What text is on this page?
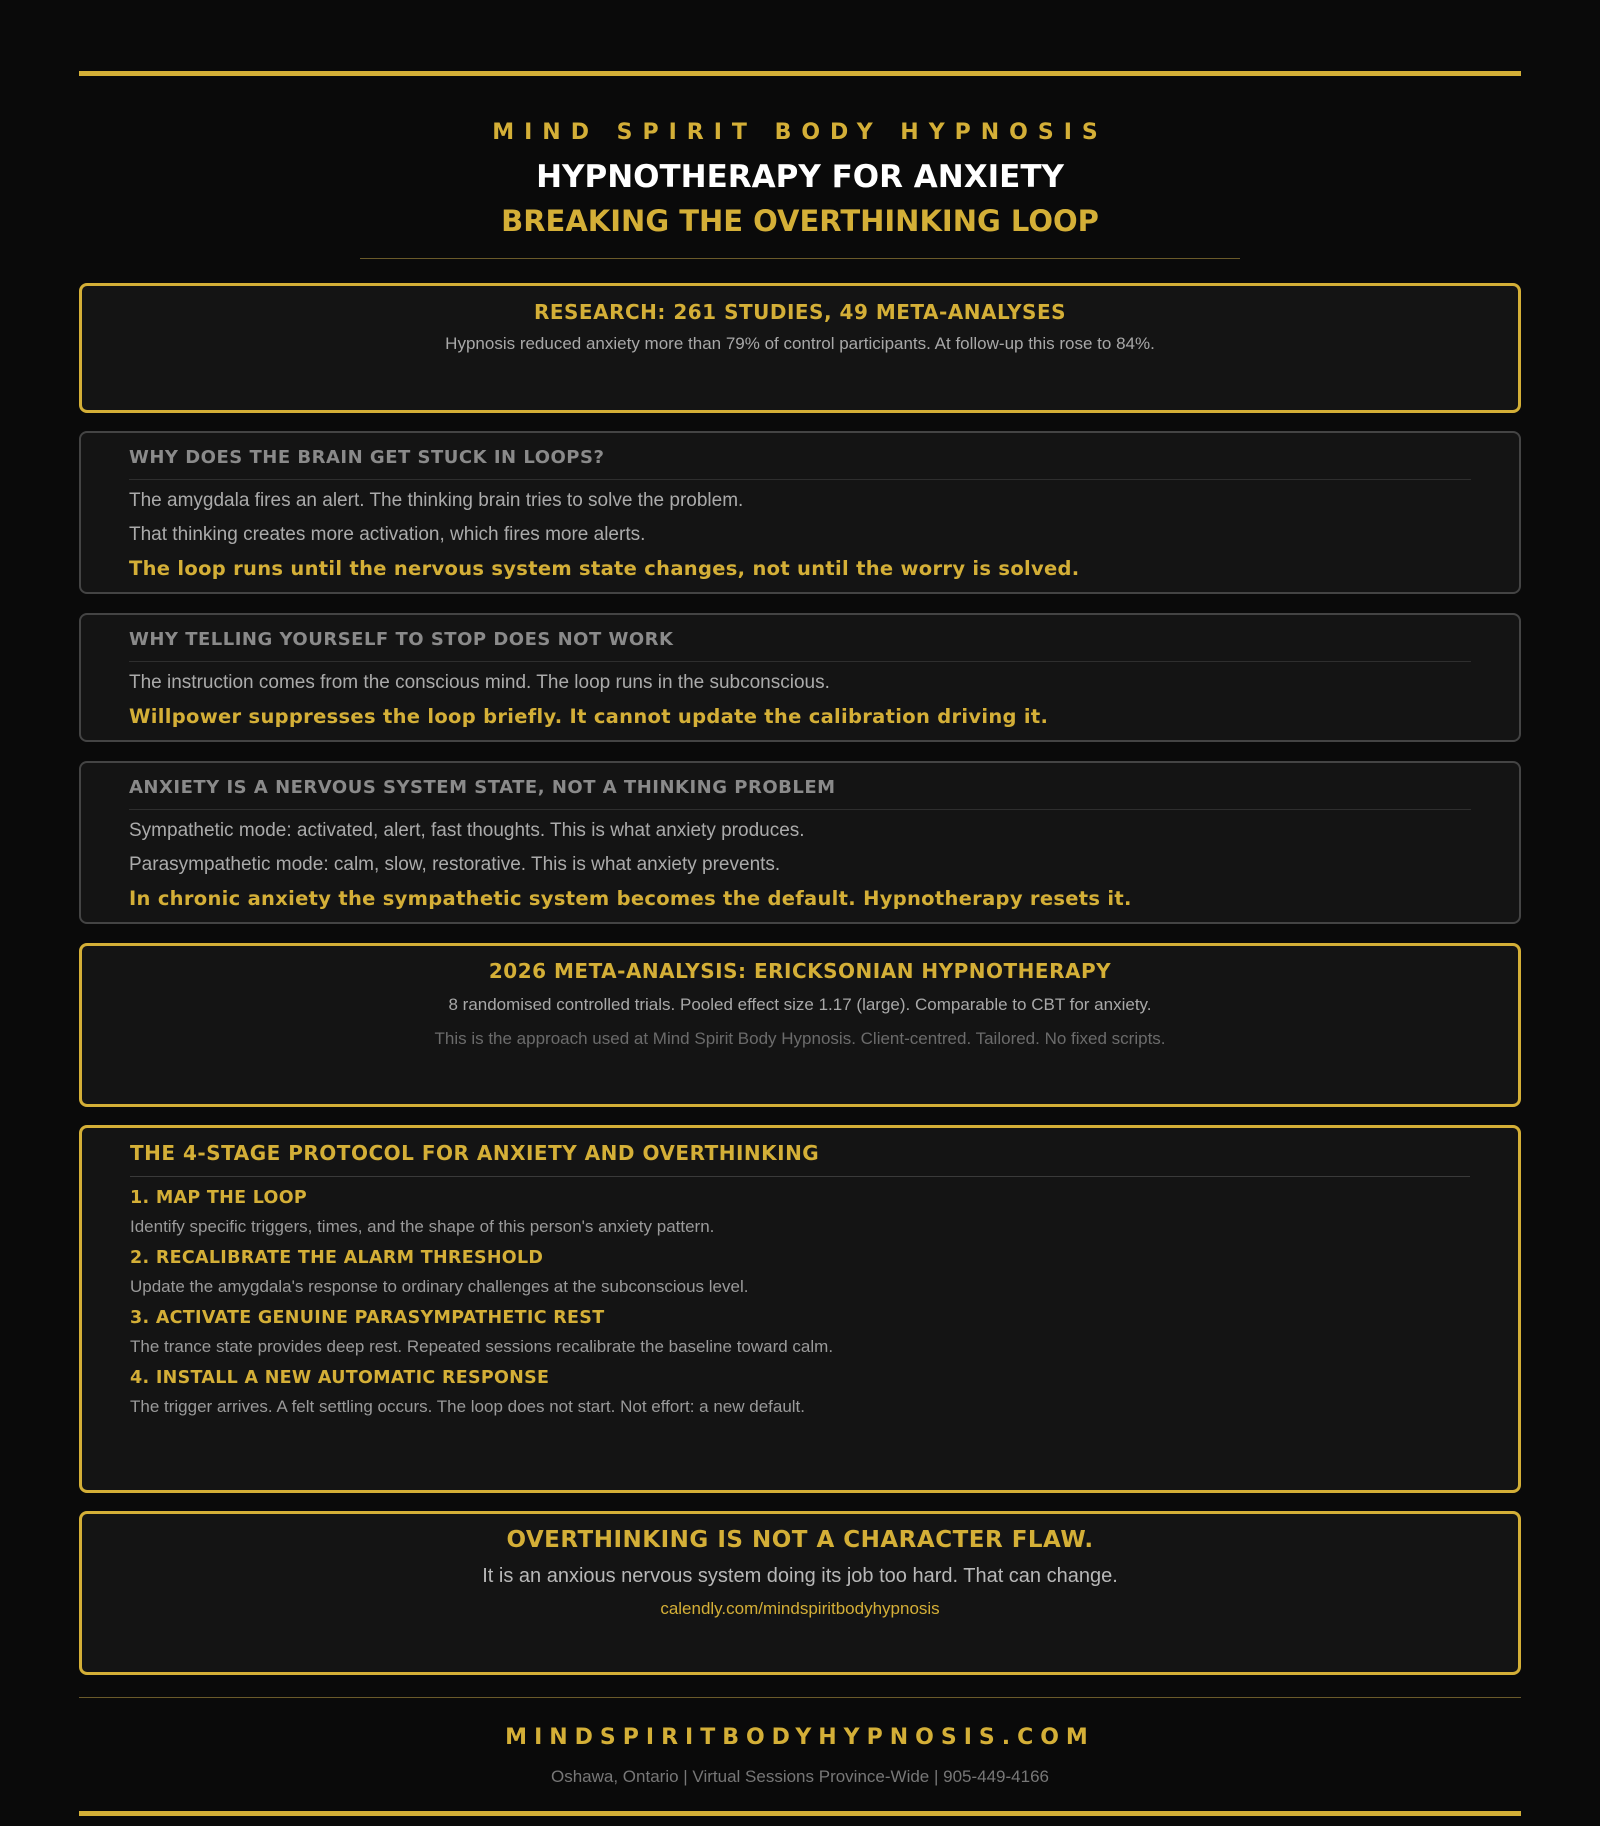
MIND SPIRIT BODY HYPNOSIS
HYPNOTHERAPY FOR ANXIETY
BREAKING THE OVERTHINKING LOOP
RESEARCH: 261 STUDIES, 49 META-ANALYSES
Hypnosis reduced anxiety more than 79% of control participants. At follow-up this rose to 84%.
WHY DOES THE BRAIN GET STUCK IN LOOPS?
The amygdala fires an alert. The thinking brain tries to solve the problem.
That thinking creates more activation, which fires more alerts.
The loop runs until the nervous system state changes, not until the worry is solved.
WHY TELLING YOURSELF TO STOP DOES NOT WORK
The instruction comes from the conscious mind. The loop runs in the subconscious.
Willpower suppresses the loop briefly. It cannot update the calibration driving it.
ANXIETY IS A NERVOUS SYSTEM STATE, NOT A THINKING PROBLEM
Sympathetic mode: activated, alert, fast thoughts. This is what anxiety produces.
Parasympathetic mode: calm, slow, restorative. This is what anxiety prevents.
In chronic anxiety the sympathetic system becomes the default. Hypnotherapy resets it.
2026 META-ANALYSIS: ERICKSONIAN HYPNOTHERAPY
8 randomised controlled trials. Pooled effect size 1.17 (large). Comparable to CBT for anxiety.
This is the approach used at Mind Spirit Body Hypnosis. Client-centred. Tailored. No fixed scripts.
THE 4-STAGE PROTOCOL FOR ANXIETY AND OVERTHINKING
1. MAP THE LOOP
Identify specific triggers, times, and the shape of this person's anxiety pattern.
2. RECALIBRATE THE ALARM THRESHOLD
Update the amygdala's response to ordinary challenges at the subconscious level.
3. ACTIVATE GENUINE PARASYMPATHETIC REST
The trance state provides deep rest. Repeated sessions recalibrate the baseline toward calm.
4. INSTALL A NEW AUTOMATIC RESPONSE
The trigger arrives. A felt settling occurs. The loop does not start. Not effort: a new default.
OVERTHINKING IS NOT A CHARACTER FLAW.
It is an anxious nervous system doing its job too hard. That can change.
calendly.com/mindspiritbodyhypnosis
MINDSPIRITBODYHYPNOSIS.COM
Oshawa, Ontario | Virtual Sessions Province-Wide | 905-449-4166
